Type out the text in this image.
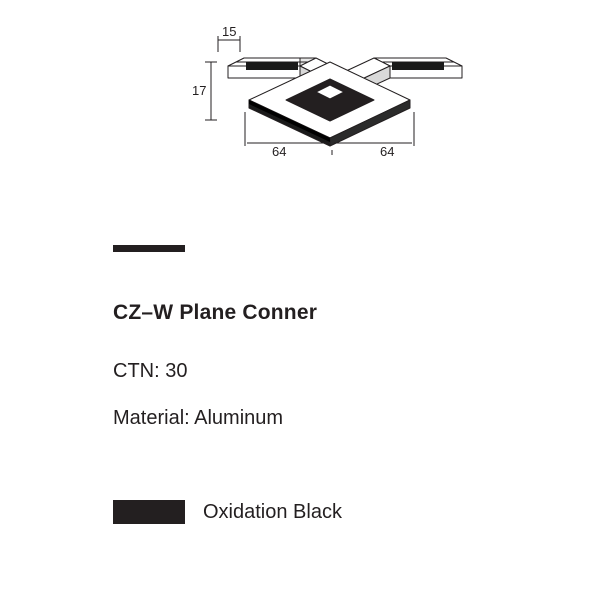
15
17
64	64
CZ–W Plane Conner

CTN: 30

Material: Aluminum

Oxidation Black
